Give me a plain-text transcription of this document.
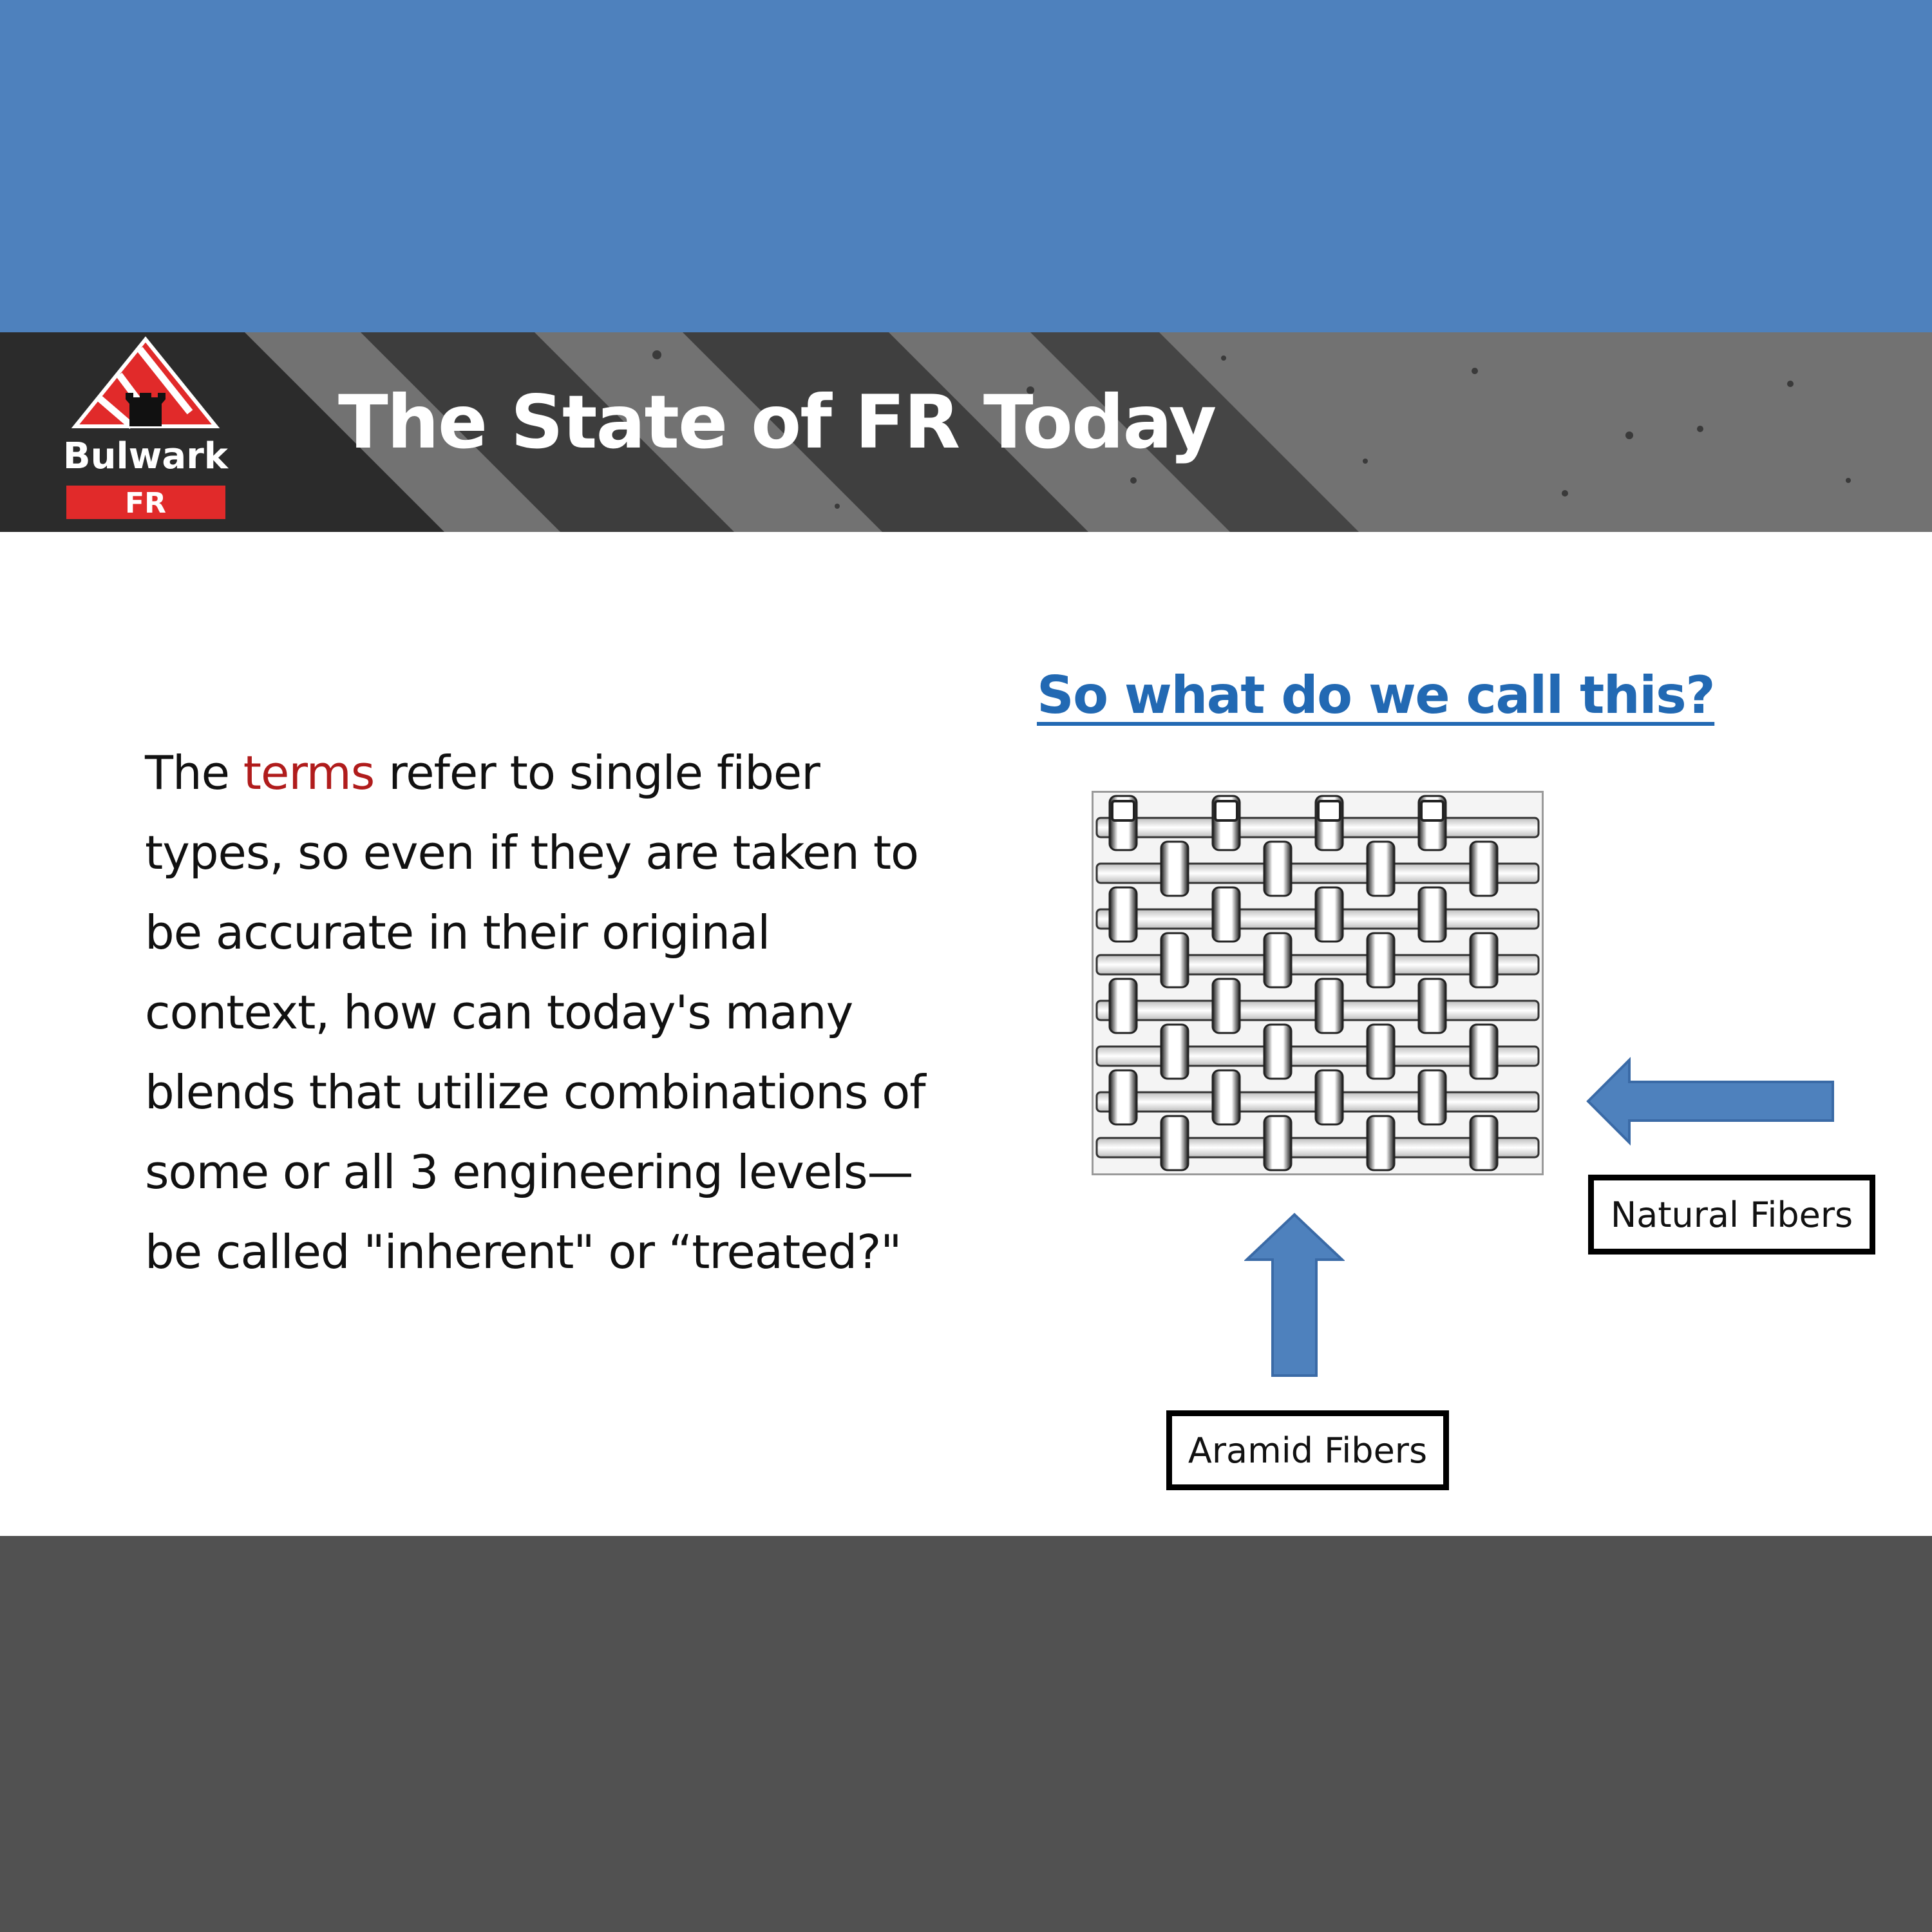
Bulwark
FR
The State of FR Today

The terms refer to single fiber types, so even if they are taken to be accurate in their original context, how can today's many blends that utilize combinations of some or all 3 engineering levels—be called "inherent" or “treated?"

So what do we call this?
Natural Fibers
Aramid Fibers
